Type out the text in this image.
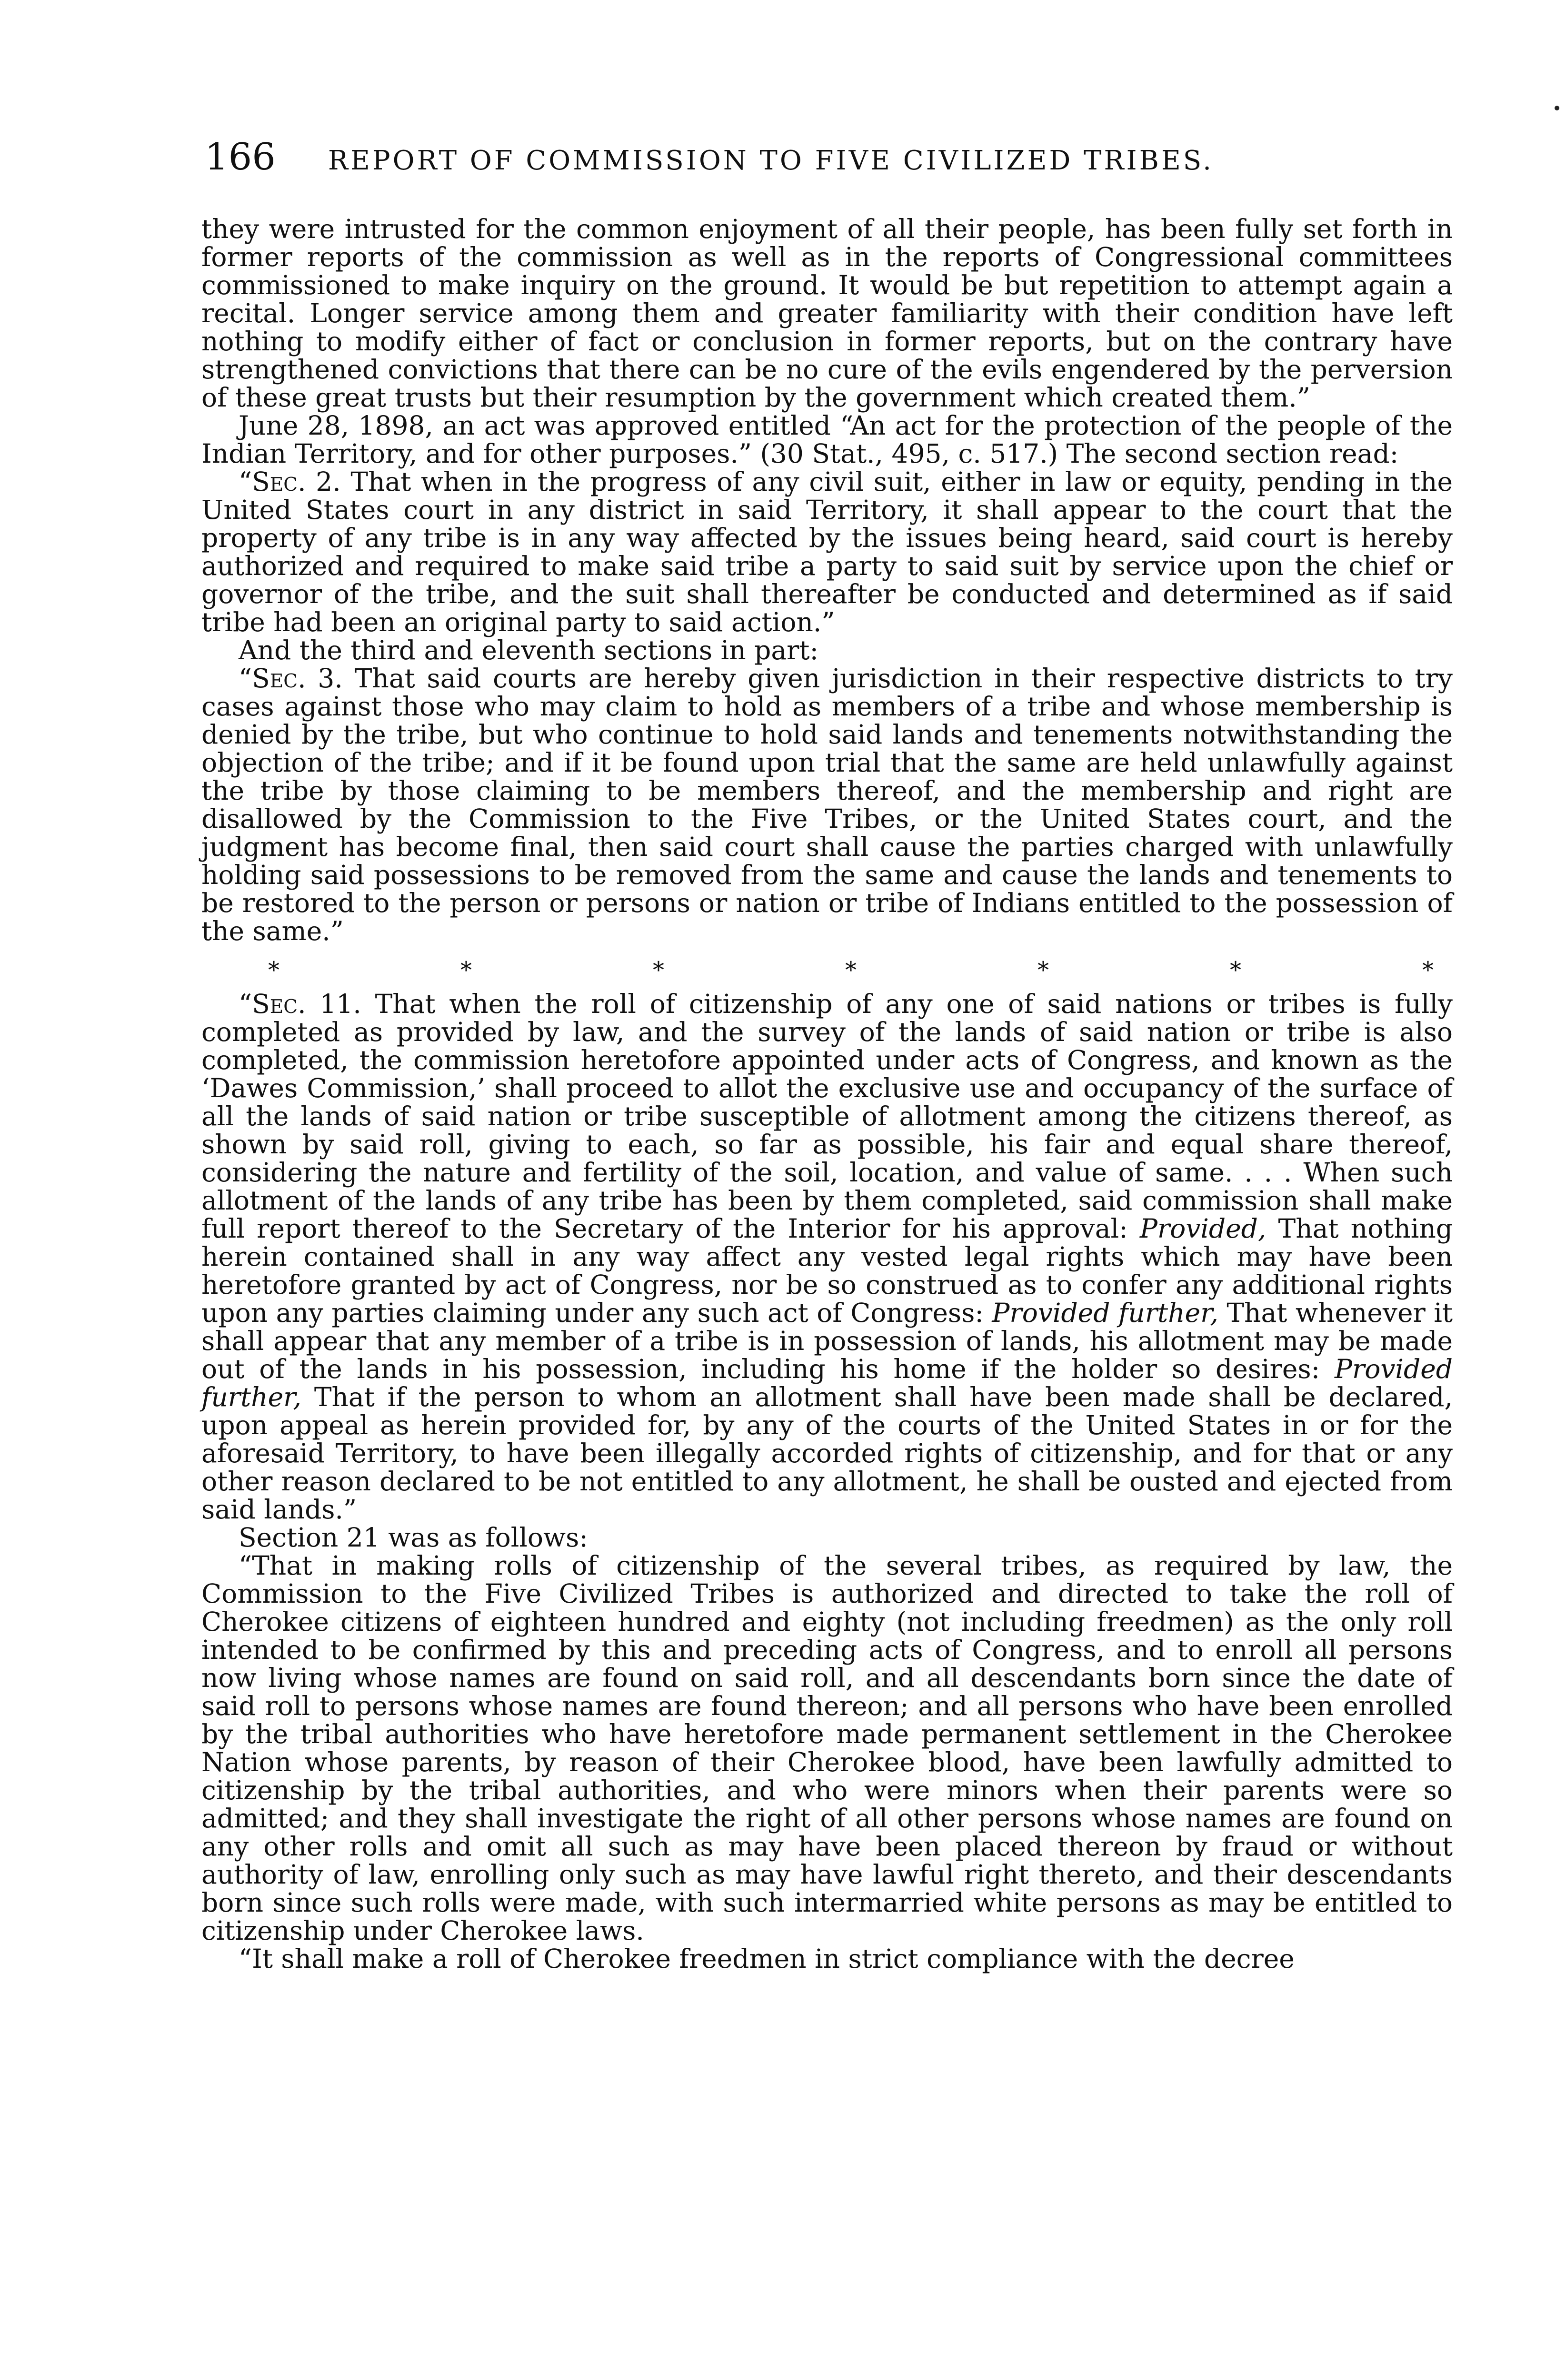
166 REPORT OF COMMISSION TO FIVE CIVILIZED TRIBES.

they were intrusted for the common enjoyment of all their people, has been fully set forth in former reports of the commission as well as in the reports of Congressional committees commissioned to make inquiry on the ground. It would be but repetition to attempt again a recital. Longer service among them and greater familiarity with their condition have left nothing to modify either of fact or conclusion in former reports, but on the contrary have strengthened convictions that there can be no cure of the evils engendered by the perversion of these great trusts but their resumption by the government which created them.”

June 28, 1898, an act was approved entitled “An act for the protection of the people of the Indian Territory, and for other purposes.” (30 Stat., 495, c. 517.) The second section read:

“Sec. 2. That when in the progress of any civil suit, either in law or equity, pending in the United States court in any district in said Territory, it shall appear to the court that the property of any tribe is in any way affected by the issues being heard, said court is hereby authorized and required to make said tribe a party to said suit by service upon the chief or governor of the tribe, and the suit shall thereafter be conducted and determined as if said tribe had been an original party to said action.”

And the third and eleventh sections in part:

“Sec. 3. That said courts are hereby given jurisdiction in their respective districts to try cases against those who may claim to hold as members of a tribe and whose membership is denied by the tribe, but who continue to hold said lands and tenements notwithstanding the objection of the tribe; and if it be found upon trial that the same are held unlawfully against the tribe by those claiming to be members thereof, and the membership and right are disallowed by the Commission to the Five Tribes, or the United States court, and the judgment has become final, then said court shall cause the parties charged with unlawfully holding said possessions to be removed from the same and cause the lands and tenements to be restored to the person or persons or nation or tribe of Indians entitled to the possession of the same.”

*	*	*	*	*	*	*

“Sec. 11. That when the roll of citizenship of any one of said nations or tribes is fully completed as provided by law, and the survey of the lands of said nation or tribe is also completed, the commission heretofore appointed under acts of Congress, and known as the ‘Dawes Commission,’ shall proceed to allot the exclusive use and occupancy of the surface of all the lands of said nation or tribe susceptible of allotment among the citizens thereof, as shown by said roll, giving to each, so far as possible, his fair and equal share thereof, considering the nature and fertility of the soil, location, and value of same. . . . When such allotment of the lands of any tribe has been by them completed, said commission shall make full report thereof to the Secretary of the Interior for his approval: Provided, That nothing herein contained shall in any way affect any vested legal rights which may have been heretofore granted by act of Congress, nor be so construed as to confer any additional rights upon any parties claiming under any such act of Congress: Provided further, That whenever it shall appear that any member of a tribe is in possession of lands, his allotment may be made out of the lands in his possession, including his home if the holder so desires: Provided further, That if the person to whom an allotment shall have been made shall be declared, upon appeal as herein provided for, by any of the courts of the United States in or for the aforesaid Territory, to have been illegally accorded rights of citizenship, and for that or any other reason declared to be not entitled to any allotment, he shall be ousted and ejected from said lands.”

Section 21 was as follows:

“That in making rolls of citizenship of the several tribes, as required by law, the Commission to the Five Civilized Tribes is authorized and directed to take the roll of Cherokee citizens of eighteen hundred and eighty (not including freedmen) as the only roll intended to be confirmed by this and preceding acts of Congress, and to enroll all persons now living whose names are found on said roll, and all descendants born since the date of said roll to persons whose names are found thereon; and all persons who have been enrolled by the tribal authorities who have heretofore made permanent settlement in the Cherokee Nation whose parents, by reason of their Cherokee blood, have been lawfully admitted to citizenship by the tribal authorities, and who were minors when their parents were so admitted; and they shall investigate the right of all other persons whose names are found on any other rolls and omit all such as may have been placed thereon by fraud or without authority of law, enrolling only such as may have lawful right thereto, and their descendants born since such rolls were made, with such intermarried white persons as may be entitled to citizenship under Cherokee laws.

“It shall make a roll of Cherokee freedmen in strict compliance with the decree
